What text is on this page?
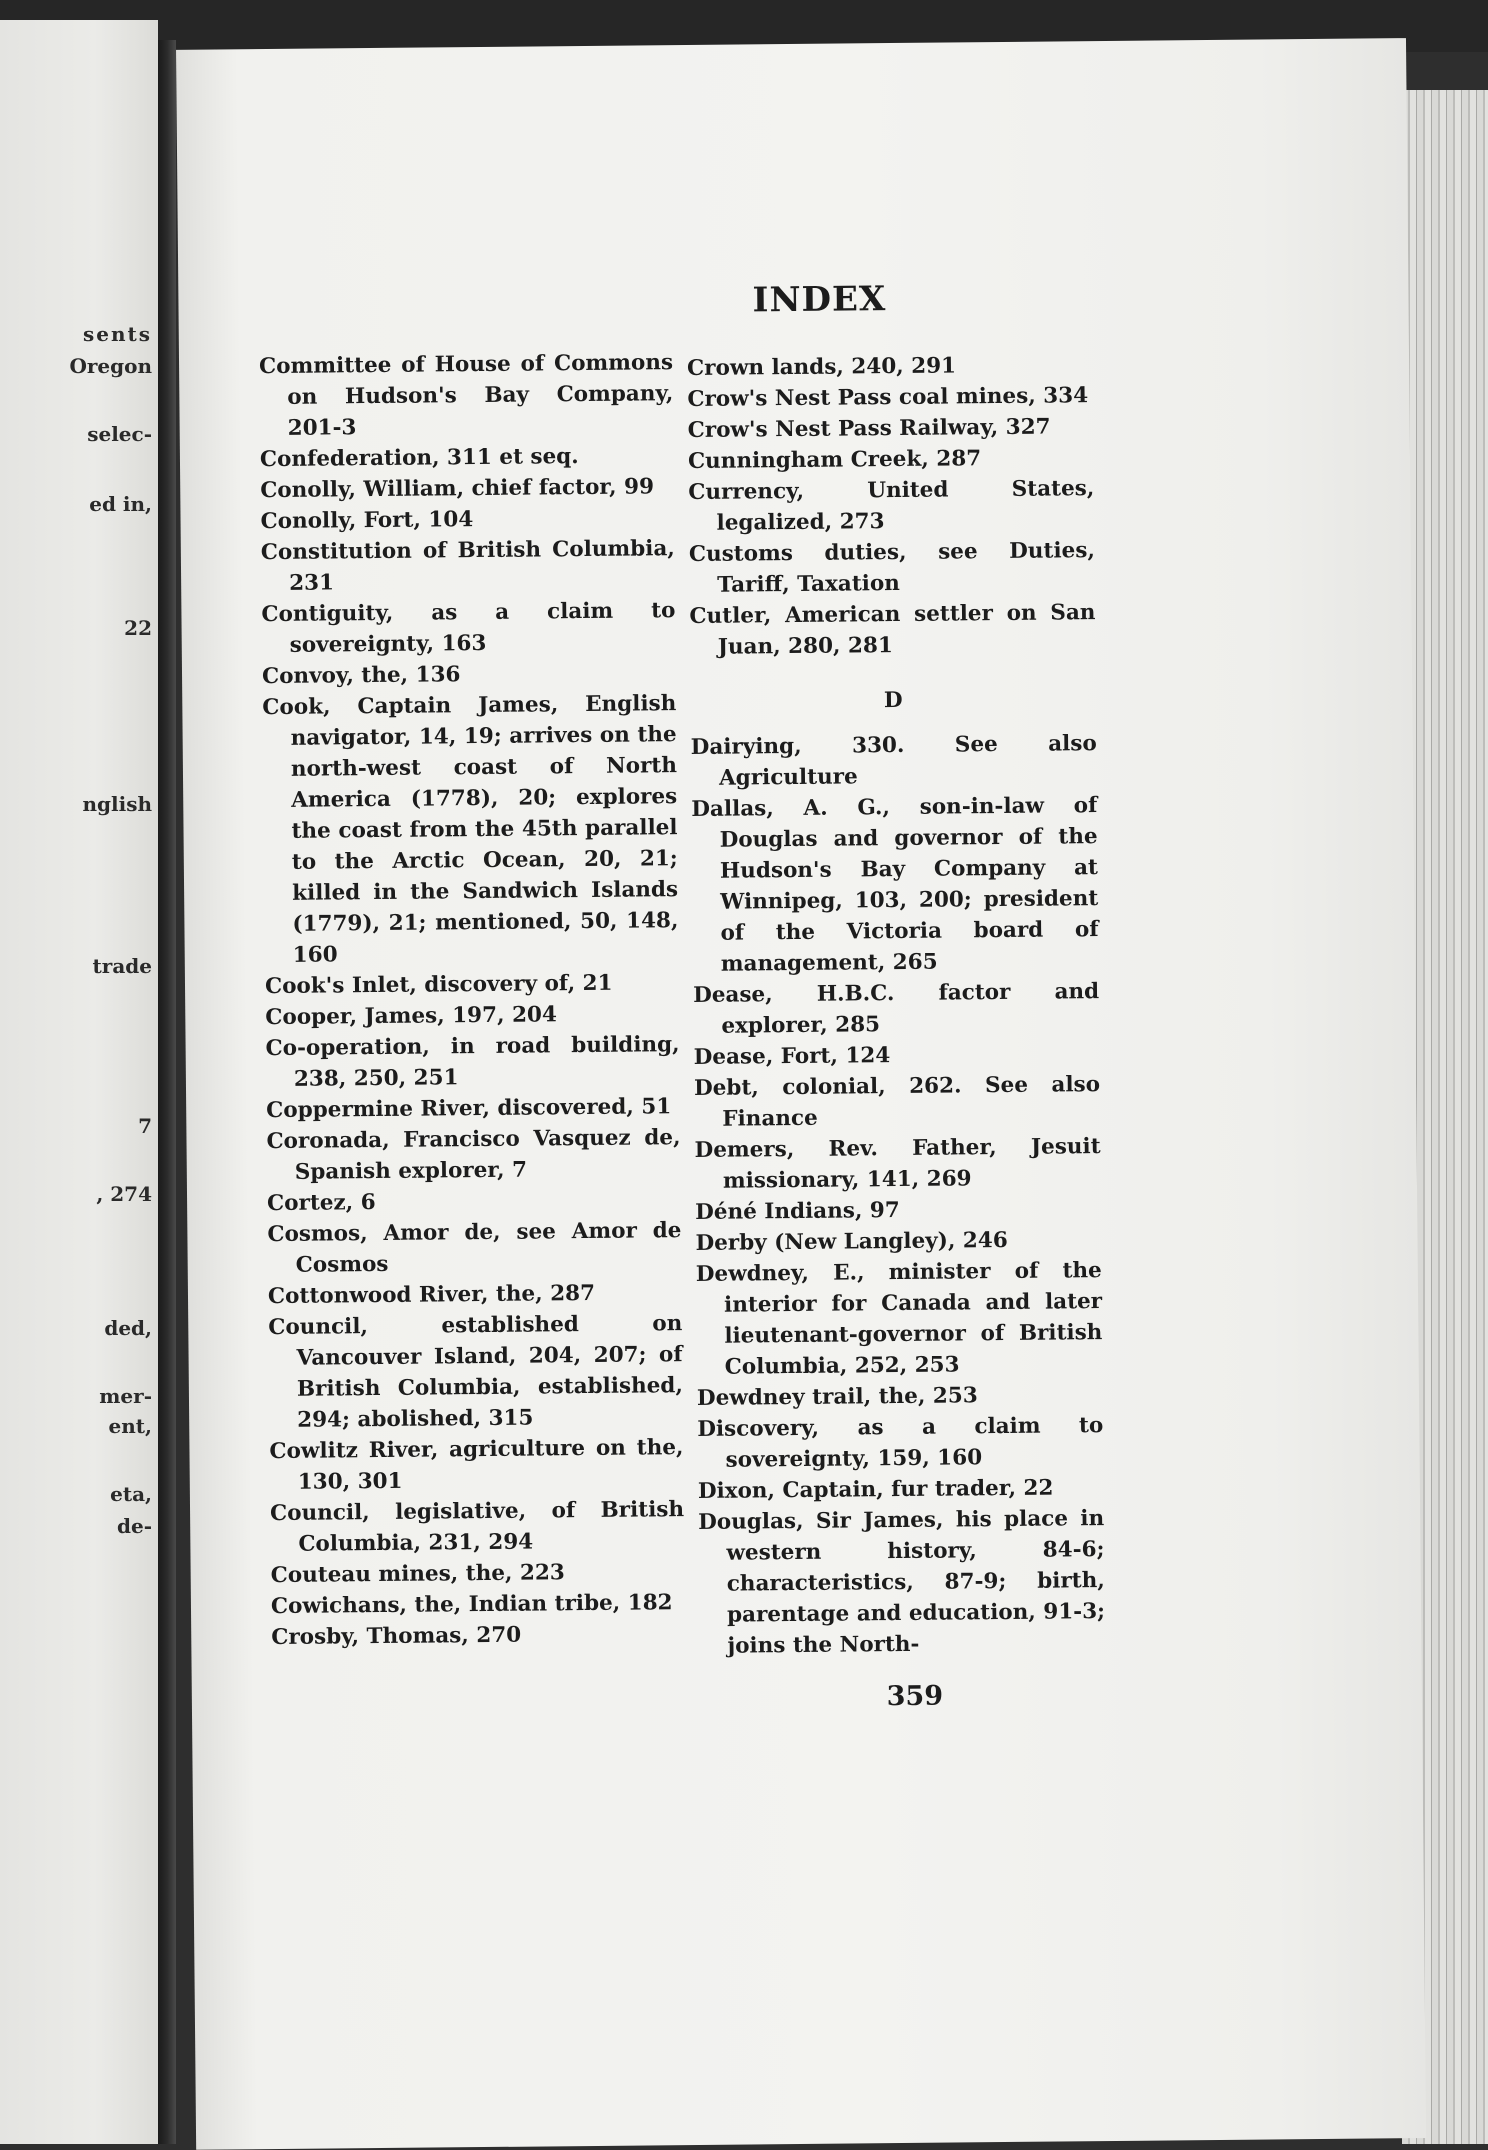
sents
Oregon
selec-
ed in,
22
nglish
trade
7
, 274
ded,
mer-
ent,
eta,
de-
INDEX
Committee of House of Commons on Hudson's Bay Company, 201-3
Confederation, 311 et seq.
Conolly, William, chief factor, 99
Conolly, Fort, 104
Constitution of British Columbia, 231
Contiguity, as a claim to sovereignty, 163
Convoy, the, 136
Cook, Captain James, English navigator, 14, 19; arrives on the north-west coast of North America (1778), 20; explores the coast from the 45th parallel to the Arctic Ocean, 20, 21; killed in the Sandwich Islands (1779), 21; mentioned, 50, 148, 160
Cook's Inlet, discovery of, 21
Cooper, James, 197, 204
Co-operation, in road building, 238, 250, 251
Coppermine River, discovered, 51
Coronada, Francisco Vasquez de, Spanish explorer, 7
Cortez, 6
Cosmos, Amor de, see Amor de Cosmos
Cottonwood River, the, 287
Council, established on Vancouver Island, 204, 207; of British Columbia, established, 294; abolished, 315
Cowlitz River, agriculture on the, 130, 301
Council, legislative, of British Columbia, 231, 294
Couteau mines, the, 223
Cowichans, the, Indian tribe, 182
Crosby, Thomas, 270
Crown lands, 240, 291
Crow's Nest Pass coal mines, 334
Crow's Nest Pass Railway, 327
Cunningham Creek, 287
Currency, United States, legalized, 273
Customs duties, see Duties, Tariff, Taxation
Cutler, American settler on San Juan, 280, 281
D
Dairying, 330. See also Agriculture
Dallas, A. G., son-in-law of Douglas and governor of the Hudson's Bay Company at Winnipeg, 103, 200; president of the Victoria board of management, 265
Dease, H.B.C. factor and explorer, 285
Dease, Fort, 124
Debt, colonial, 262. See also Finance
Demers, Rev. Father, Jesuit missionary, 141, 269
Déné Indians, 97
Derby (New Langley), 246
Dewdney, E., minister of the interior for Canada and later lieutenant-governor of British Columbia, 252, 253
Dewdney trail, the, 253
Discovery, as a claim to sovereignty, 159, 160
Dixon, Captain, fur trader, 22
Douglas, Sir James, his place in western history, 84-6; characteristics, 87-9; birth, parentage and education, 91-3; joins the North-
359
